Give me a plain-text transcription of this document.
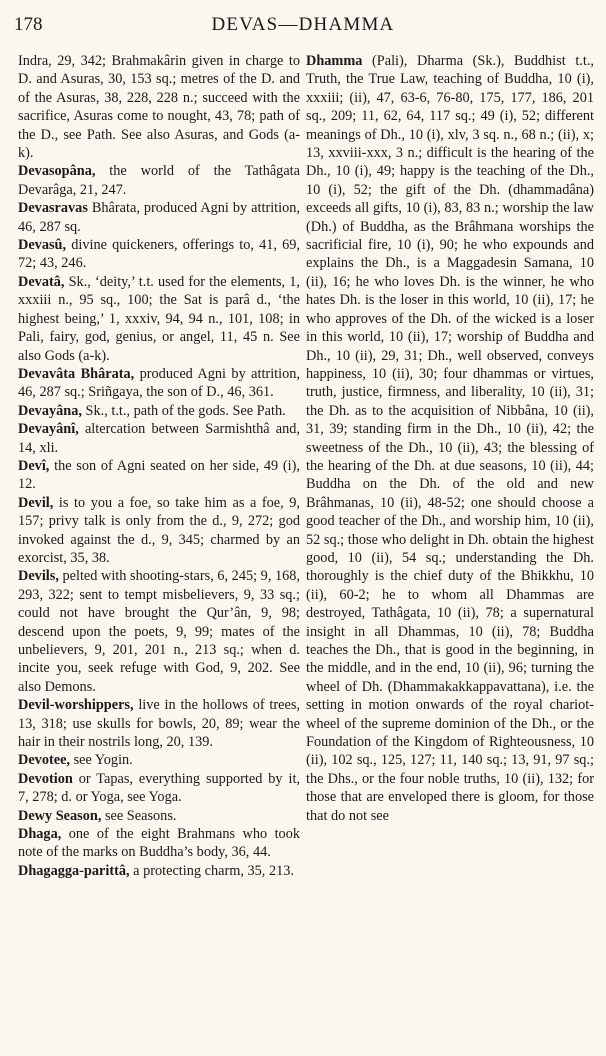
178	DEVAS—DHAMMA

Indra, 29, 342; Brahmakârin given in charge to D. and Asuras, 30, 153 sq.; metres of the D. and of the Asuras, 38, 228, 228 n.; succeed with the sacrifice, Asuras come to nought, 43, 78; path of the D., see Path. See also Asuras, and Gods (a-k).

Devasopâna, the world of the Tathâgata Devarâga, 21, 247.

Devasravas Bhârata, produced Agni by attrition, 46, 287 sq.

Devasû, divine quickeners, offerings to, 41, 69, 72; 43, 246.

Devatâ, Sk., ‘deity,’ t.t. used for the elements, 1, xxxiii n., 95 sq., 100; the Sat is parâ d., ‘the highest being,’ 1, xxxiv, 94, 94 n., 101, 108; in Pali, fairy, god, genius, or angel, 11, 45 n. See also Gods (a-k).

Devavâta Bhârata, produced Agni by attrition, 46, 287 sq.; Sriñgaya, the son of D., 46, 361.

Devayâna, Sk., t.t., path of the gods. See Path.

Devayânî, altercation between Sarmishthâ and, 14, xli.

Devî, the son of Agni seated on her side, 49 (i), 12.

Devil, is to you a foe, so take him as a foe, 9, 157; privy talk is only from the d., 9, 272; god invoked against the d., 9, 345; charmed by an exorcist, 35, 38.

Devils, pelted with shooting-stars, 6, 245; 9, 168, 293, 322; sent to tempt misbelievers, 9, 33 sq.; could not have brought the Qur’ân, 9, 98; descend upon the poets, 9, 99; mates of the unbelievers, 9, 201, 201 n., 213 sq.; when d. incite you, seek refuge with God, 9, 202. See also Demons.

Devil-worshippers, live in the hollows of trees, 13, 318; use skulls for bowls, 20, 89; wear the hair in their nostrils long, 20, 139.

Devotee, see Yogin.

Devotion or Tapas, everything supported by it, 7, 278; d. or Yoga, see Yoga.

Dewy Season, see Seasons.

Dhaga, one of the eight Brahmans who took note of the marks on Buddha’s body, 36, 44.

Dhagagga-parittâ, a protecting charm, 35, 213.

Dhamma (Pali), Dharma (Sk.), Buddhist t.t., Truth, the True Law, teaching of Buddha, 10 (i), xxxiii; (ii), 47, 63-6, 76-80, 175, 177, 186, 201 sq., 209; 11, 62, 64, 117 sq.; 49 (i), 52; different meanings of Dh., 10 (i), xlv, 3 sq. n., 68 n.; (ii), x; 13, xxviii-xxx, 3 n.; difficult is the hearing of the Dh., 10 (i), 49; happy is the teaching of the Dh., 10 (i), 52; the gift of the Dh. (dhammadâna) exceeds all gifts, 10 (i), 83, 83 n.; worship the law (Dh.) of Buddha, as the Brâhmana worships the sacrificial fire, 10 (i), 90; he who expounds and explains the Dh., is a Maggadesin Samana, 10 (ii), 16; he who loves Dh. is the winner, he who hates Dh. is the loser in this world, 10 (ii), 17; he who approves of the Dh. of the wicked is a loser in this world, 10 (ii), 17; worship of Buddha and Dh., 10 (ii), 29, 31; Dh., well observed, conveys happiness, 10 (ii), 30; four dhammas or virtues, truth, justice, firmness, and liberality, 10 (ii), 31; the Dh. as to the acquisition of Nibbâna, 10 (ii), 31, 39; standing firm in the Dh., 10 (ii), 42; the sweetness of the Dh., 10 (ii), 43; the blessing of the hearing of the Dh. at due seasons, 10 (ii), 44; Buddha on the Dh. of the old and new Brâhmanas, 10 (ii), 48-52; one should choose a good teacher of the Dh., and worship him, 10 (ii), 52 sq.; those who delight in Dh. obtain the highest good, 10 (ii), 54 sq.; understanding the Dh. thoroughly is the chief duty of the Bhikkhu, 10 (ii), 60-2; he to whom all Dhammas are destroyed, Tathâgata, 10 (ii), 78; a supernatural insight in all Dhammas, 10 (ii), 78; Buddha teaches the Dh., that is good in the beginning, in the middle, and in the end, 10 (ii), 96; turning the wheel of Dh. (Dhammakakkappavattana), i.e. the setting in motion onwards of the royal chariot-wheel of the supreme dominion of the Dh., or the Foundation of the Kingdom of Righteousness, 10 (ii), 102 sq., 125, 127; 11, 140 sq.; 13, 91, 97 sq.; the Dhs., or the four noble truths, 10 (ii), 132; for those that are enveloped there is gloom, for those that do not see
